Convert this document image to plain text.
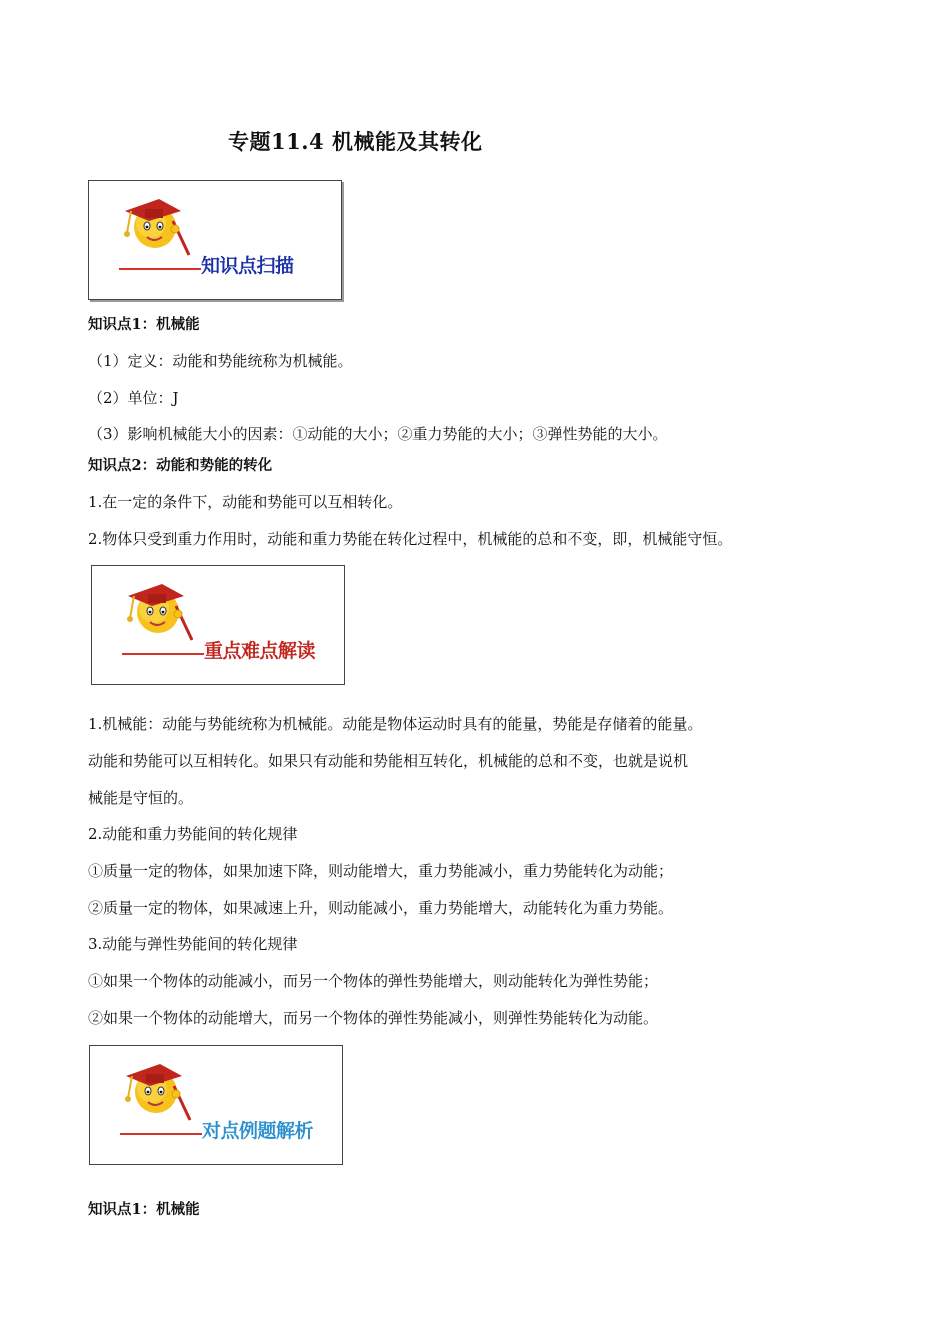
专题11.4 机械能及其转化
知识点扫描
知识点1：机械能
（1）定义：动能和势能统称为机械能。
（2）单位：J
（3）影响机械能大小的因素：①动能的大小；②重力势能的大小；③弹性势能的大小。
知识点2：动能和势能的转化
1.在一定的条件下，动能和势能可以互相转化。
2.物体只受到重力作用时，动能和重力势能在转化过程中，机械能的总和不变，即，机械能守恒。
重点难点解读
1.机械能：动能与势能统称为机械能。动能是物体运动时具有的能量，势能是存储着的能量。
动能和势能可以互相转化。如果只有动能和势能相互转化，机械能的总和不变，也就是说机
械能是守恒的。
2.动能和重力势能间的转化规律
①质量一定的物体，如果加速下降，则动能增大，重力势能减小，重力势能转化为动能；
②质量一定的物体，如果减速上升，则动能减小，重力势能增大，动能转化为重力势能。
3.动能与弹性势能间的转化规律
①如果一个物体的动能减小，而另一个物体的弹性势能增大，则动能转化为弹性势能；
②如果一个物体的动能增大，而另一个物体的弹性势能减小，则弹性势能转化为动能。
对点例题解析
知识点1：机械能
